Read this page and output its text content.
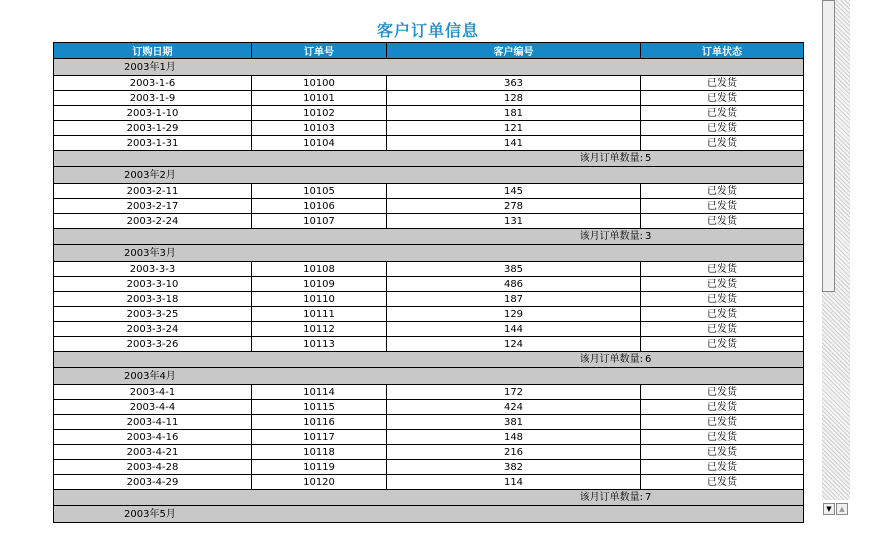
客户订单信息
订购日期	订单号	客户编号	订单状态
2003年1月			
2003-1-6	10100	363	已发货
2003-1-9	10101	128	已发货
2003-1-10	10102	181	已发货
2003-1-29	10103	121	已发货
2003-1-31	10104	141	已发货
该月订单数量: 5			
2003年2月			
2003-2-11	10105	145	已发货
2003-2-17	10106	278	已发货
2003-2-24	10107	131	已发货
该月订单数量: 3			
2003年3月			
2003-3-3	10108	385	已发货
2003-3-10	10109	486	已发货
2003-3-18	10110	187	已发货
2003-3-25	10111	129	已发货
2003-3-24	10112	144	已发货
2003-3-26	10113	124	已发货
该月订单数量: 6			
2003年4月			
2003-4-1	10114	172	已发货
2003-4-4	10115	424	已发货
2003-4-11	10116	381	已发货
2003-4-16	10117	148	已发货
2003-4-21	10118	216	已发货
2003-4-28	10119	382	已发货
2003-4-29	10120	114	已发货
该月订单数量: 7			
2003年5月				▼	▲
